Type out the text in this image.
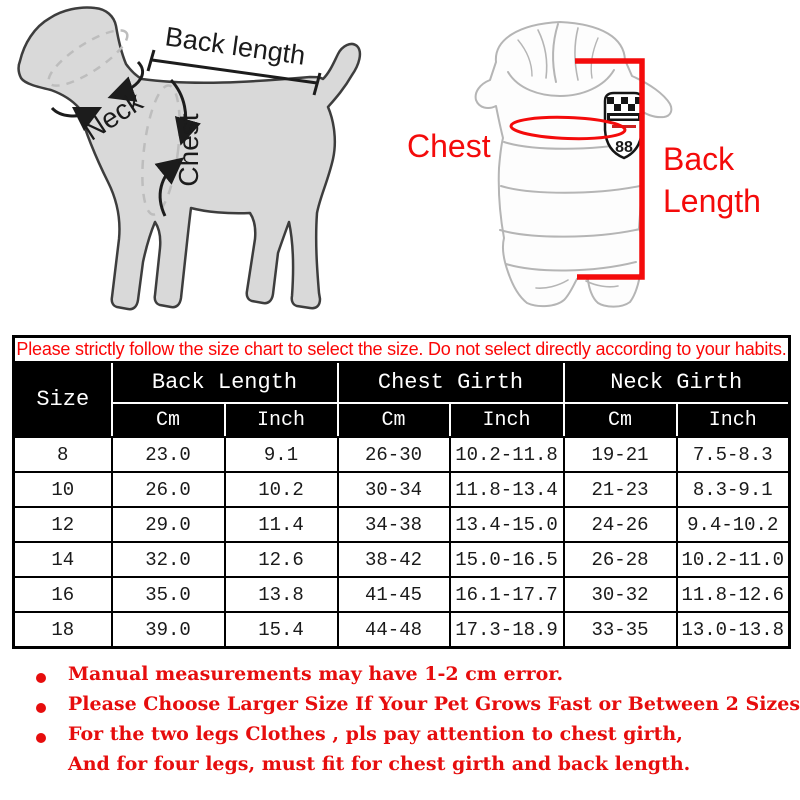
Back length
Neck Chest	88
Chest	Back
Length
Please strictly follow the size chart to select the size. Do not select directly according to your habits.						
Size	Back Length		Chest Girth		Neck Girth	
	Cm	Inch	Cm	Inch	Cm	Inch
8	23.0	9.1	26-30	10.2-11.8	19-21	7.5-8.3
10	26.0	10.2	30-34	11.8-13.4	21-23	8.3-9.1
12	29.0	11.4	34-38	13.4-15.0	24-26	9.4-10.2
14	32.0	12.6	38-42	15.0-16.5	26-28	10.2-11.0
16	35.0	13.8	41-45	16.1-17.7	30-32	11.8-12.6
18	39.0	15.4	44-48	17.3-18.9	33-35	13.0-13.8
Manual measurements may have 1-2 cm error.
Please Choose Larger Size If Your Pet Grows Fast or Between 2 Sizes
For the two legs Clothes , pls pay attention to chest girth,
And for four legs, must fit for chest girth and back length.
